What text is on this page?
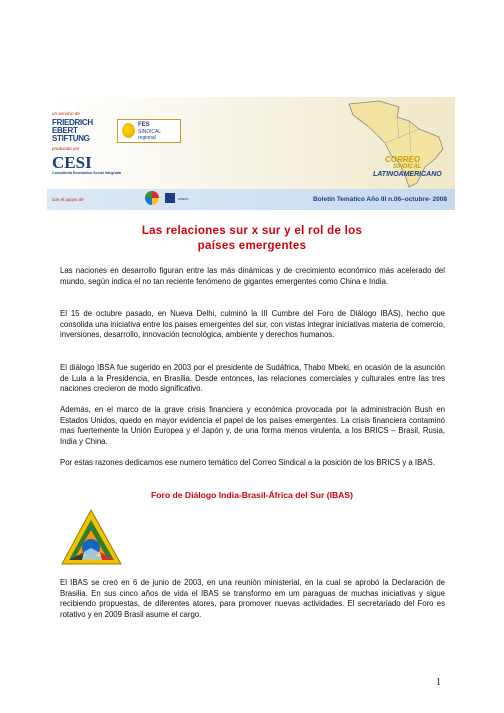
un servicio de
FRIEDRICH
EBERT
STIFTUNG
producido por
CESI
Consultoría Económica Social Integrada
FES
SINDICAL
regional
CORREO
SINDICAL
LATINOAMERICANO
con el apoyo de	cesco	Boletín Temático Año III n.06–octubre- 2008
Las relaciones sur x sur y el rol de los
países emergentes
Las naciones en desarrollo figuran entre las más dinámicas y de crecimiento económico más acelerado del mundo, según indica el no tan reciente fenómeno de gigantes emergentes como China e India.
El 15 de octubre pasado, en Nueva Delhi, culminó la III Cumbre del Foro de Diálogo IBAS), hecho que consolida una iniciativa entre los paises emergentes del sur, con vistas integrar iniciativas materia de comercio, inversiones, desarrollo, innovación tecnológica, ambiente y derechos humanos.
El diálogo IBSA fue sugerido en 2003 por el presidente de Sudáfrica, Thabo Mbeki, en ocasión de la asunción de Lula a la Presidencia, en Brasilia. Desde entonces, las relaciones comerciales y culturales entre las tres naciones crecieron de modo significativo.
Además, en el marco de la grave crisis financiera y económica provocada por la administración Bush en Estados Unidos, quedo en mayor evidencia el papel de los países emergentes. La crisis financiera contaminó mas fuertemente la Unión Europea y el Japón y, de una forma menos virulenta, a los BRICS – Brasil, Rusia, India y China.
Por estas razones dedicamos ese numero temático del Correo Sindical a la posición de los BRICS y a IBAS.
Foro de Diálogo India-Brasil-África del Sur (IBAS)
El IBAS se creó en 6 de junio de 2003, en una reunión ministerial, en la cual se aprobó la Declaración de Brasilia. En sus cinco años de vida el IBAS se transformo em um paraguas de muchas iniciativas y sigue recibiendo propuestas, de diferentes atores, para promover nuevas actividades. El secretariado del Foro es rotativo y en 2009 Brasil asume el cargo.
1
